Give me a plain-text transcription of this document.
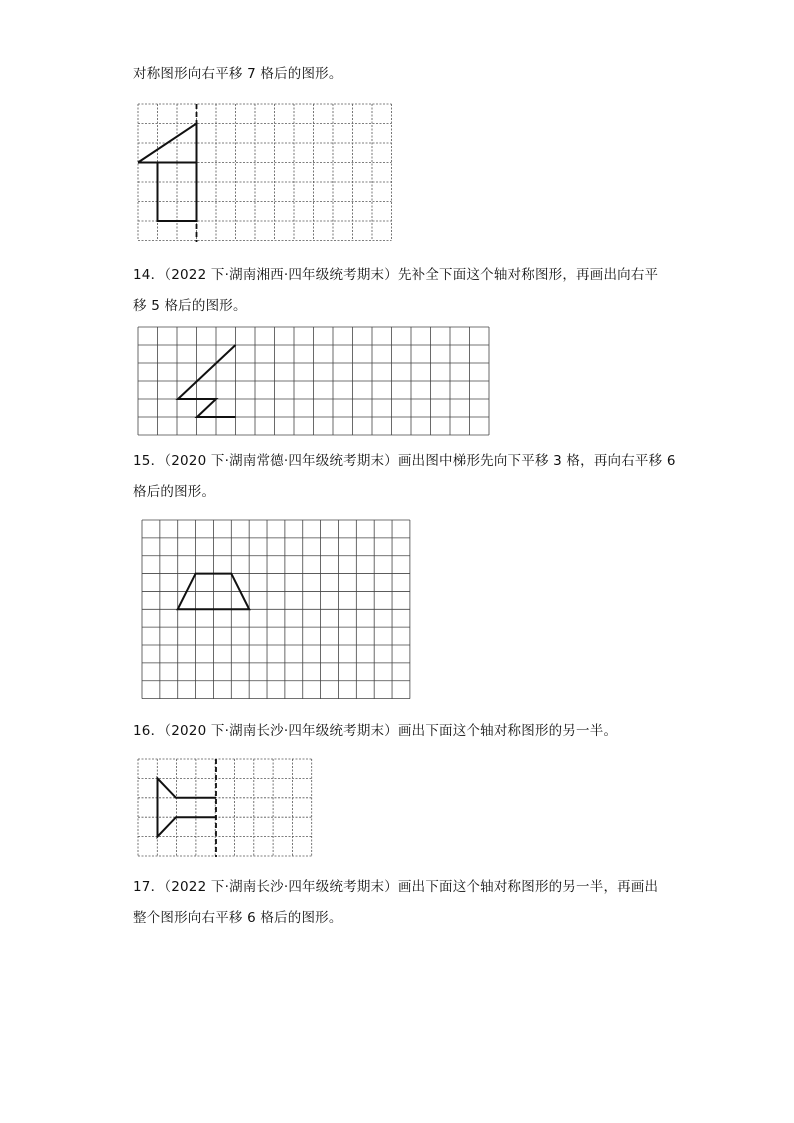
对称图形向右平移 7 格后的图形。
14．（2022 下·湖南湘西·四年级统考期末）先补全下面这个轴对称图形，再画出向右平
移 5 格后的图形。
15．（2020 下·湖南常德·四年级统考期末）画出图中梯形先向下平移 3 格，再向右平移 6
格后的图形。
16．（2020 下·湖南长沙·四年级统考期末）画出下面这个轴对称图形的另一半。
17．（2022 下·湖南长沙·四年级统考期末）画出下面这个轴对称图形的另一半，再画出
整个图形向右平移 6 格后的图形。
